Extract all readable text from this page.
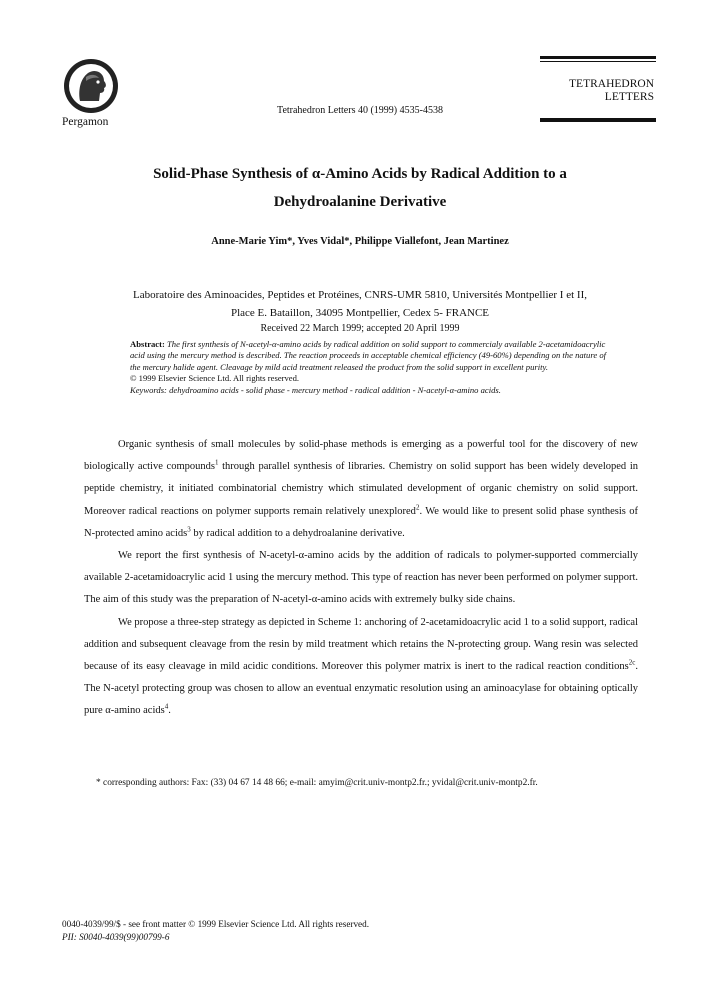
Pergamon
Tetrahedron Letters 40 (1999) 4535-4538
TETRAHEDRON
LETTERS
Solid-Phase Synthesis of α-Amino Acids by Radical Addition to a
Dehydroalanine Derivative
Anne-Marie Yim*, Yves Vidal*, Philippe Viallefont, Jean Martinez
Laboratoire des Aminoacides, Peptides et Protéines, CNRS-UMR 5810, Universités Montpellier I et II,
Place E. Bataillon, 34095 Montpellier, Cedex 5- FRANCE
Received 22 March 1999; accepted 20 April 1999
Abstract: The first synthesis of N-acetyl-α-amino acids by radical addition on solid support to commercialy available 2-acetamidoacrylic acid using the mercury method is described. The reaction proceeds in acceptable chemical efficiency (49-60%) depending on the nature of the mercury halide agent. Cleavage by mild acid treatment released the product from the solid support in excellent purity.
© 1999 Elsevier Science Ltd. All rights reserved.
Keywords: dehydroamino acids - solid phase - mercury method - radical addition - N-acetyl-α-amino acids.

Organic synthesis of small molecules by solid-phase methods is emerging as a powerful tool for the discovery of new biologically active compounds$^1$ through parallel synthesis of libraries. Chemistry on solid support has been widely developed in peptide chemistry, it initiated combinatorial chemistry which stimulated development of organic chemistry on solid support. Moreover radical reactions on polymer supports remain relatively unexplored$^2$. We would like to present solid phase synthesis of N-protected amino acids$^3$ by radical addition to a dehydroalanine derivative.

We report the first synthesis of N-acetyl-α-amino acids by the addition of radicals to polymer-supported commercially available 2-acetamidoacrylic acid 1 using the mercury method. This type of reaction has never been performed on polymer support. The aim of this study was the preparation of N-acetyl-α-amino acids with extremely bulky side chains.

We propose a three-step strategy as depicted in Scheme 1: anchoring of 2-acetamidoacrylic acid 1 to a solid support, radical addition and subsequent cleavage from the resin by mild treatment which retains the N-protecting group. Wang resin was selected because of its easy cleavage in mild acidic conditions. Moreover this polymer matrix is inert to the radical reaction conditions$^{2c}$. The N-acetyl protecting group was chosen to allow an eventual enzymatic resolution using an aminoacylase for obtaining optically pure α-amino acids$^4$.

* corresponding authors: Fax: (33) 04 67 14 48 66; e-mail: amyim@crit.univ-montp2.fr.; yvidal@crit.univ-montp2.fr.
0040-4039/99/$ - see front matter © 1999 Elsevier Science Ltd. All rights reserved.
PII: S0040-4039(99)00799-6
